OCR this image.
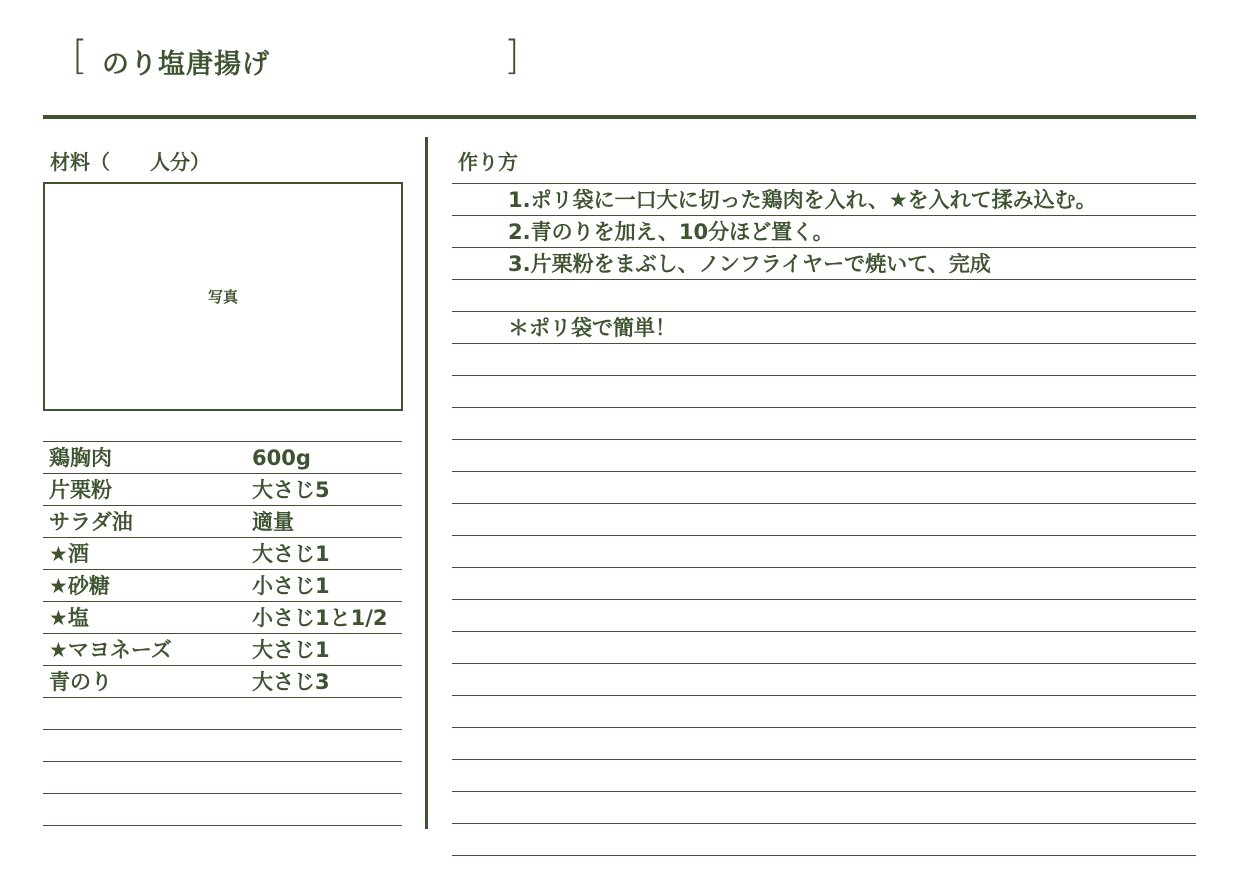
[ のり塩唐揚げ	]
材料（　　人分）
写真
鶏胸肉	600g
片栗粉	大さじ5
サラダ油	適量
★酒	大さじ1
★砂糖	小さじ1
★塩	小さじ1と1/2
★マヨネーズ	大さじ1
青のり	大さじ3
作り方
1.ポリ袋に一口大に切った鶏肉を入れ、★を入れて揉み込む。
2.青のりを加え、10分ほど置く。
3.片栗粉をまぶし、ノンフライヤーで焼いて、完成
＊ポリ袋で簡単！
